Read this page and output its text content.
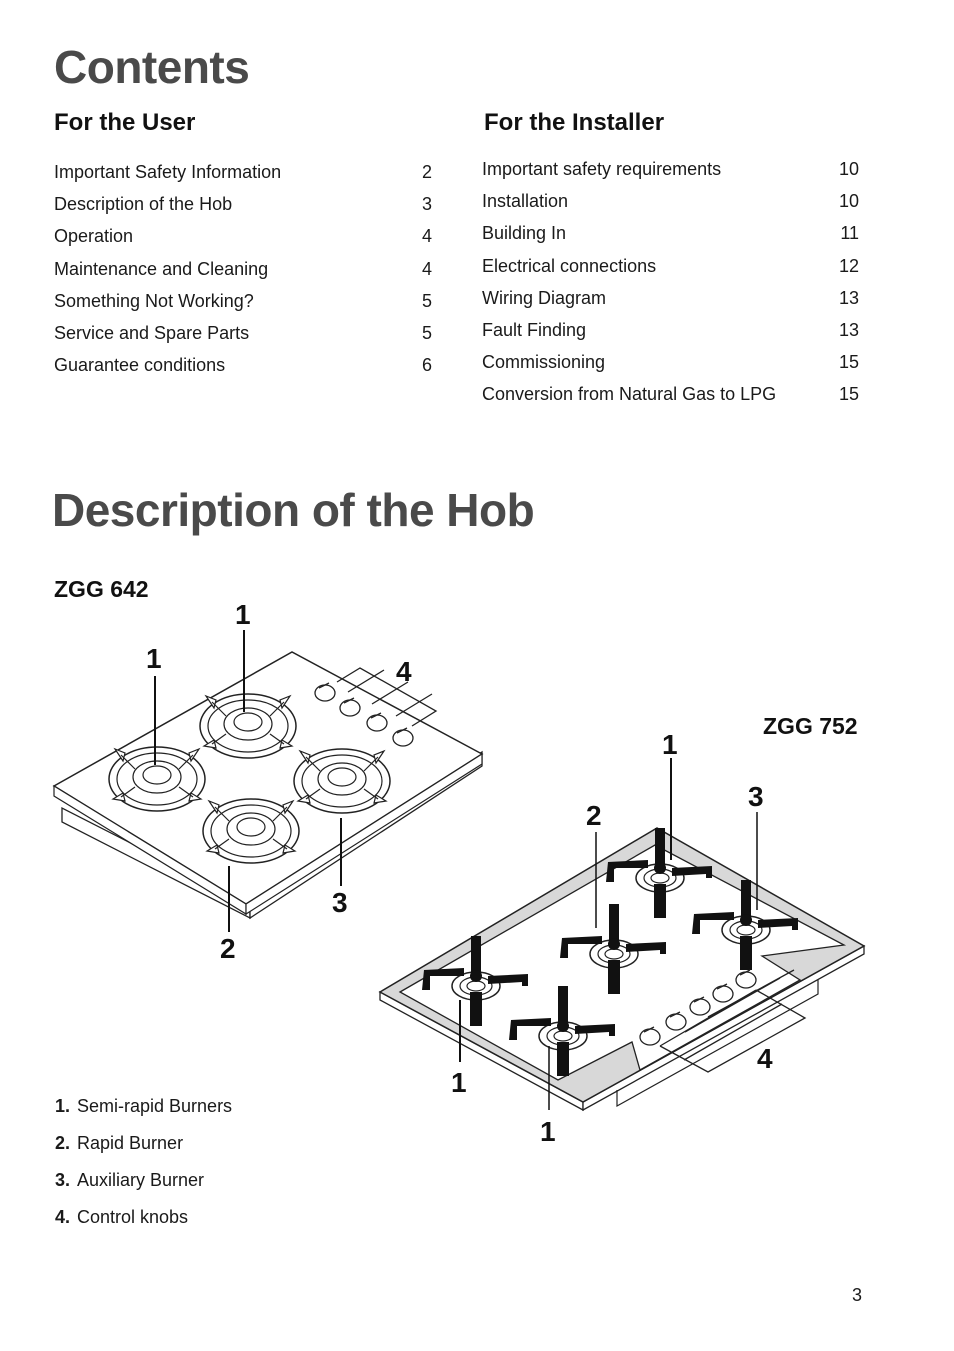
Contents
For the User	For the Installer
Important Safety Information	2
Description of the Hob	3
Operation	4
Maintenance and Cleaning	4
Something Not Working?	5
Service and Spare Parts	5
Guarantee conditions	6
Important safety requirements	10
Installation	10
Building In	11
Electrical connections	12
Wiring Diagram	13
Fault Finding	13
Commissioning	15
Conversion from Natural Gas to LPG	15
Description of the Hob
ZGG 642
ZGG 752
1
1
2
3
4
1
2
3
1
1
4
1. Semi-rapid Burners
2. Rapid Burner
3. Auxiliary Burner
4. Control knobs
3
